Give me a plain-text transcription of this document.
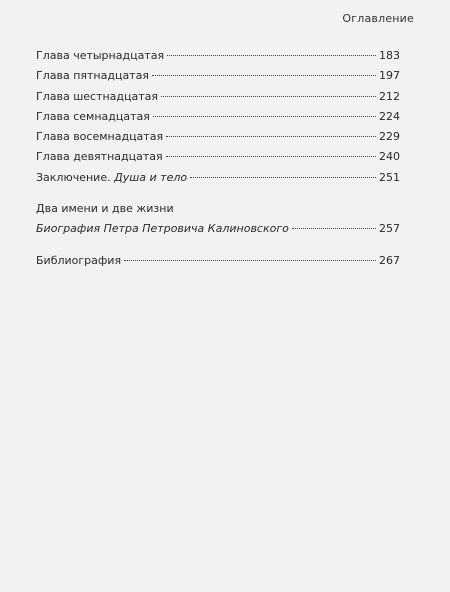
Оглавление
Глава четырнадцатая	183
Глава пятнадцатая	197
Глава шестнадцатая	212
Глава семнадцатая	224
Глава восемнадцатая	229
Глава девятнадцатая	240
Заключение. Душа и тело	251
Два имени и две жизни
Биография Петра Петровича Калиновского	257
Библиография	267
